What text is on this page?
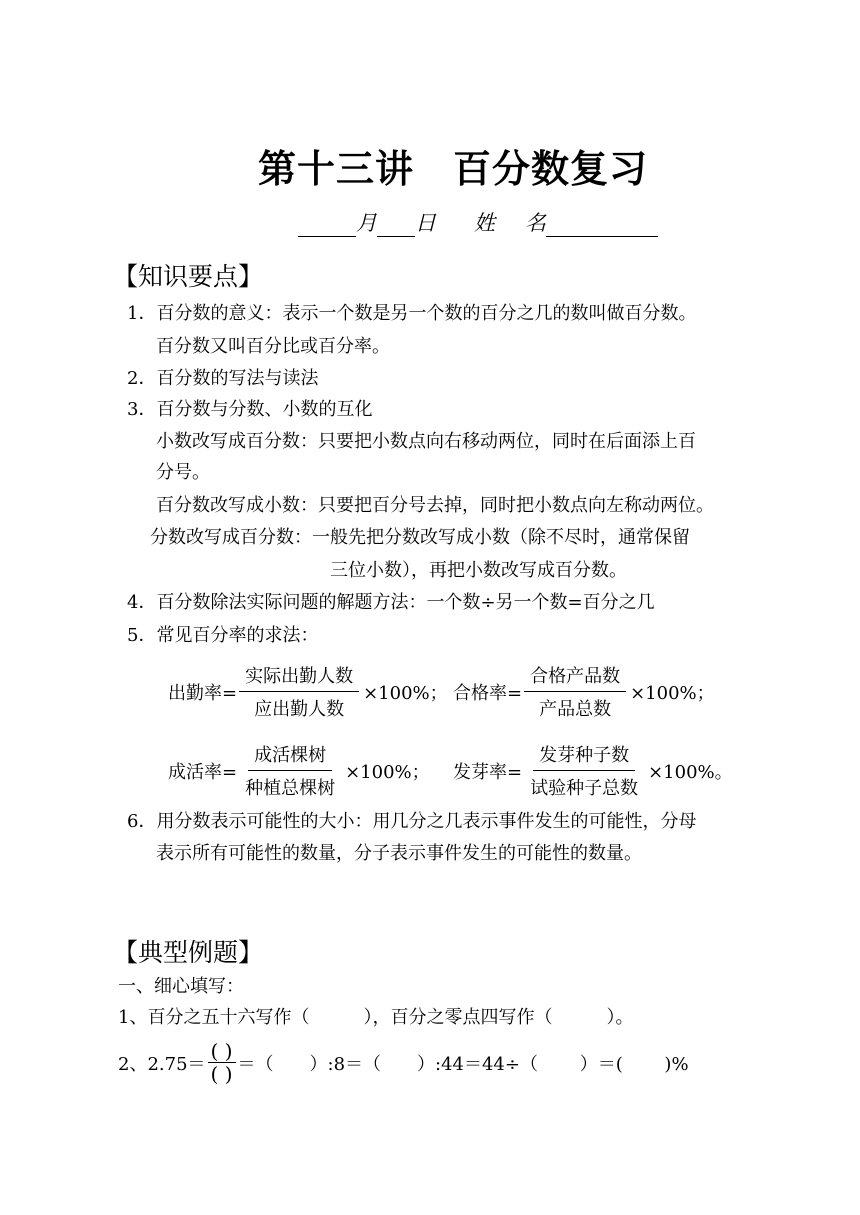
第十三讲　百分数复习
月 日 姓 名
【知识要点】
1．百分数的意义：表示一个数是另一个数的百分之几的数叫做百分数。
百分数又叫百分比或百分率。
2．百分数的写法与读法
3．百分数与分数、小数的互化
小数改写成百分数：只要把小数点向右移动两位，同时在后面添上百
分号。
百分数改写成小数：只要把百分号去掉，同时把小数点向左称动两位。
分数改写成百分数：一般先把分数改写成小数（除不尽时，通常保留
三位小数），再把小数改写成百分数。
4．百分数除法实际问题的解题方法：一个数÷另一个数=百分之几
5．常见百分率的求法：
出勤率= $\frac{\text{实际出勤人数}}{\text{应出勤人数}} \times 100\%$； 合格率= $\frac{\text{合格产品数}}{\text{产品总数}} \times 100\%$；
成活率= $\frac{\text{成活棵树}}{\text{种植总棵树}} \times 100\%$； 发芽率= $\frac{\text{发芽种子数}}{\text{试验种子总数}} \times 100\%$。
6．用分数表示可能性的大小：用几分之几表示事件发生的可能性，分母
表示所有可能性的数量，分子表示事件发生的可能性的数量。
【典型例题】
一、细心填写：
1、百分之五十六写作（　　　），百分之零点四写作（　　　）。
2、$2.75= \frac{( )}{( )}$ ＝（　　）:8＝（　　）:44＝44÷（　　 ）＝(　　 )%
